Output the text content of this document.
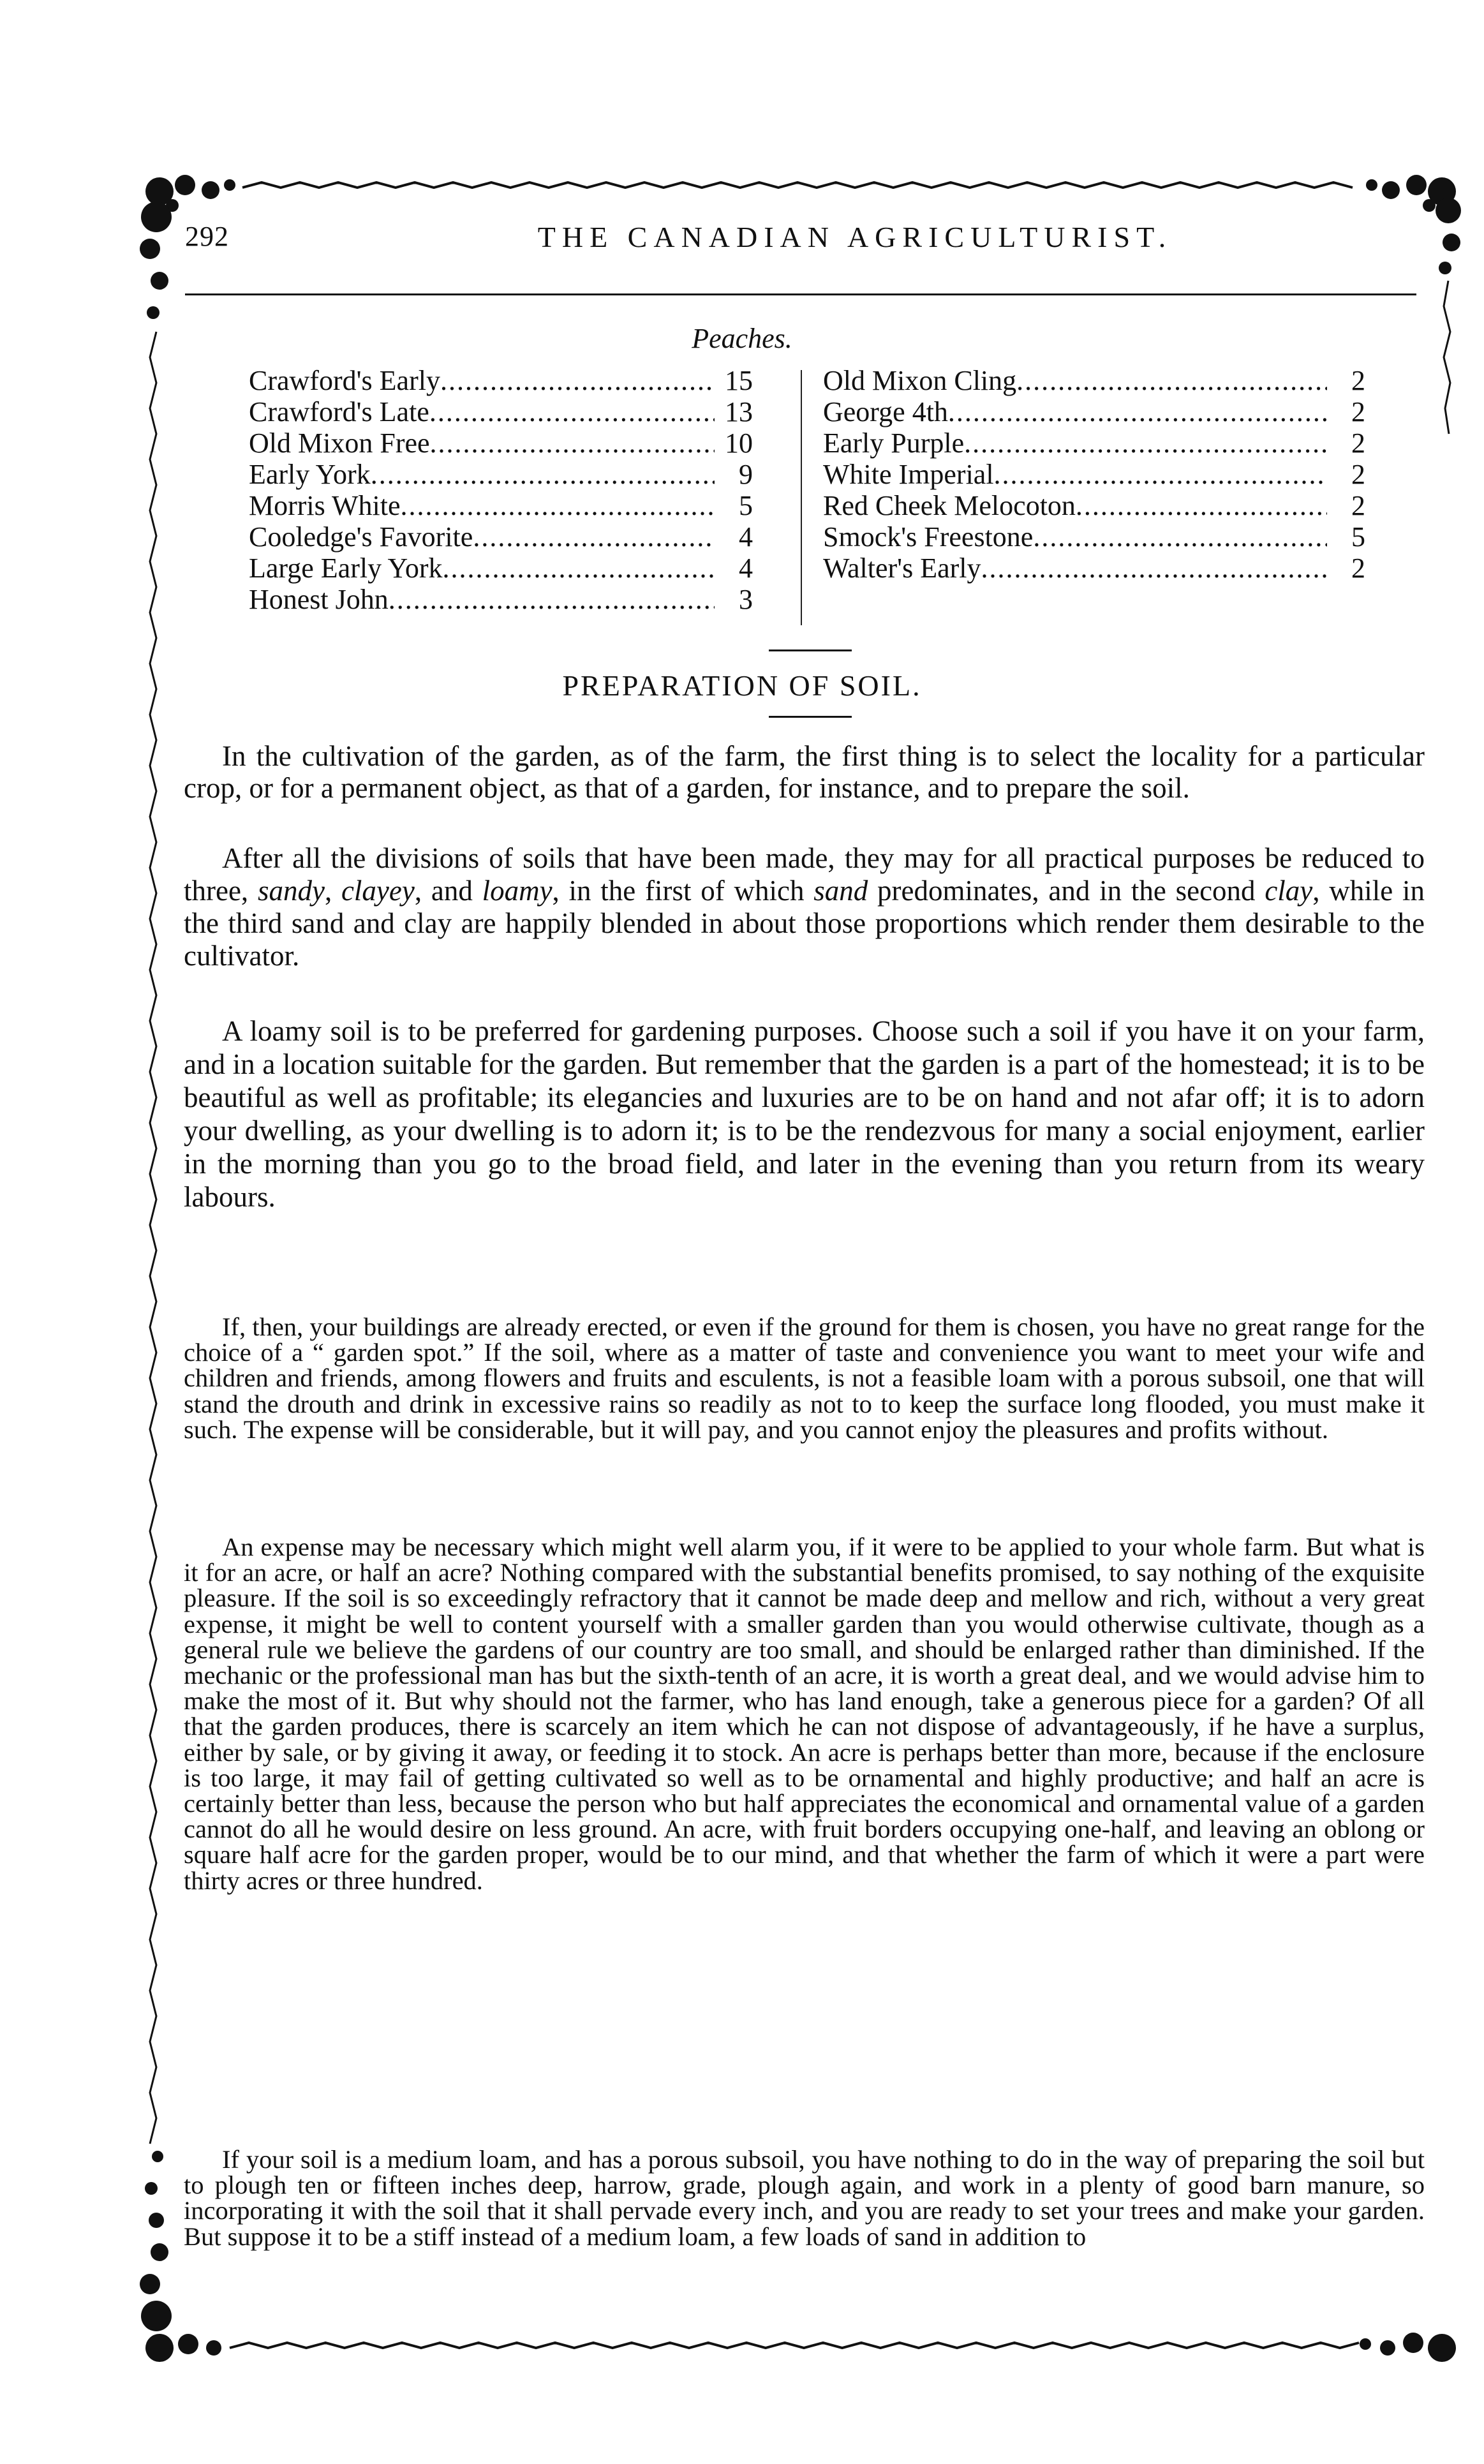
292	THE CANADIAN AGRICULTURIST.
Peaches.
Crawford's Early .....	15
Crawford's Late .....	13
Old Mixon Free .....	10
Early York .....	9
Morris White .....	5
Cooledge's Favorite .....	4
Large Early York .....	4
Honest John .....	3
Old Mixon Cling .....	2
George 4th .....	2
Early Purple .....	2
White Imperial .....	2
Red Cheek Melocoton .....	2
Smock's Freestone .....	5
Walter's Early .....	2
PREPARATION OF SOIL.

In the cultivation of the garden, as of the farm, the first thing is to select the locality for a particular crop, or for a permanent object, as that of a garden, for instance, and to prepare the soil.

After all the divisions of soils that have been made, they may for all practical purposes be reduced to three, sandy, clayey, and loamy, in the first of which sand predominates, and in the second clay, while in the third sand and clay are happily blended in about those proportions which render them desirable to the cultivator.

A loamy soil is to be preferred for gardening purposes. Choose such a soil if you have it on your farm, and in a location suitable for the garden. But remember that the garden is a part of the homestead; it is to be beautiful as well as profitable; its elegancies and luxuries are to be on hand and not afar off; it is to adorn your dwelling, as your dwelling is to adorn it; is to be the rendezvous for many a social enjoyment, earlier in the morning than you go to the broad field, and later in the evening than you return from its weary labours.

If, then, your buildings are already erected, or even if the ground for them is chosen, you have no great range for the choice of a “ garden spot.” If the soil, where as a matter of taste and convenience you want to meet your wife and children and friends, among flowers and fruits and esculents, is not a feasible loam with a porous subsoil, one that will stand the drouth and drink in excessive rains so readily as not to to keep the surface long flooded, you must make it such. The expense will be considerable, but it will pay, and you cannot enjoy the pleasures and profits without.

An expense may be necessary which might well alarm you, if it were to be applied to your whole farm. But what is it for an acre, or half an acre? Nothing compared with the substantial benefits promised, to say nothing of the exquisite pleasure. If the soil is so exceedingly refractory that it cannot be made deep and mellow and rich, without a very great expense, it might be well to content yourself with a smaller garden than you would otherwise cultivate, though as a general rule we believe the gardens of our country are too small, and should be enlarged rather than diminished. If the mechanic or the professional man has but the sixth-tenth of an acre, it is worth a great deal, and we would advise him to make the most of it. But why should not the farmer, who has land enough, take a generous piece for a garden? Of all that the garden produces, there is scarcely an item which he can not dispose of advantageously, if he have a surplus, either by sale, or by giving it away, or feeding it to stock. An acre is perhaps better than more, because if the enclosure is too large, it may fail of getting cultivated so well as to be ornamental and highly productive; and half an acre is certainly better than less, because the person who but half appreciates the economical and ornamental value of a garden cannot do all he would desire on less ground. An acre, with fruit borders occupying one-half, and leaving an oblong or square half acre for the garden proper, would be to our mind, and that whether the farm of which it were a part were thirty acres or three hundred.

If your soil is a medium loam, and has a porous subsoil, you have nothing to do in the way of preparing the soil but to plough ten or fifteen inches deep, harrow, grade, plough again, and work in a plenty of good barn manure, so incorporating it with the soil that it shall pervade every inch, and you are ready to set your trees and make your garden. But suppose it to be a stiff instead of a medium loam, a few loads of sand in addition to
